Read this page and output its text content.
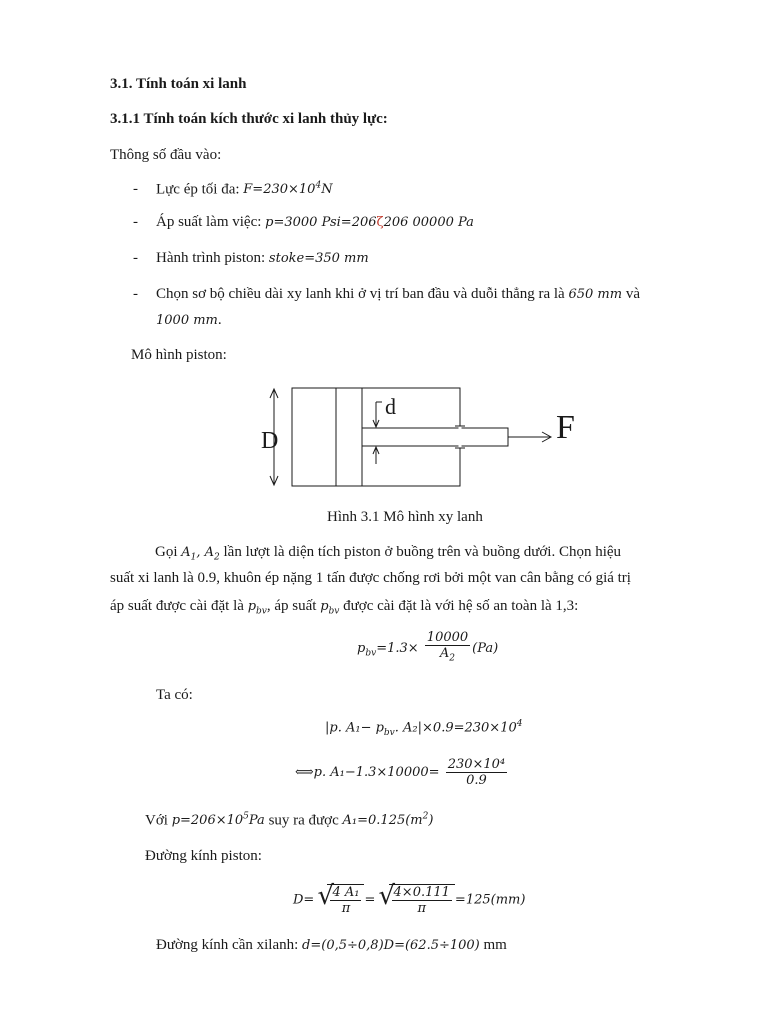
3.1. Tính toán xi lanh
3.1.1 Tính toán kích thước xi lanh thủy lực:
Thông số đầu vào:
- Lực ép tối đa: $F=230\times 10^4N$
- Áp suất làm việc: p=3000 Psi=206ζ206 00000 Pa
- Hành trình piston: stoke=350 mm
- Chọn sơ bộ chiều dài xy lanh khi ở vị trí ban đầu và duỗi thẳng ra là 650 mm và
1000 mm.
Mô hình piston:
D
d
F
Hình 3.1 Mô hình xy lanh
Gọi $A_1$, $A_2$ lần lượt là diện tích piston ở buồng trên và buồng dưới. Chọn hiệu
suất xi lanh là 0.9, khuôn ép nặng 1 tấn được chống rơi bởi một van cân bằng có giá trị
áp suất được cài đặt là $p_{bv}$, áp suất $p_{bv}$ được cài đặt là với hệ số an toàn là 1,3:
$p_{bv}=1.3\times \frac{10000}{A_2} (Pa)$
Ta có:
|p. $A_1- p_{bv}$. $A_2|\times 0.9=230\times 10^4$
⟺p. $A_1-1.3\times 10000= \frac{\text{230×10⁴}}{0.9}$
Với $p=206\times 10^5Pa$ suy ra được $A_1=0.125(m^2)$
Đường kính piston:
D= √ $\frac{\text{4 A₁}}{\pi}$ = √ $\frac{4\times 0.111}{\pi} =125(mm)$
Đường kính cần xilanh: d=(0,5÷0,8)D=(62.5÷100) mm
